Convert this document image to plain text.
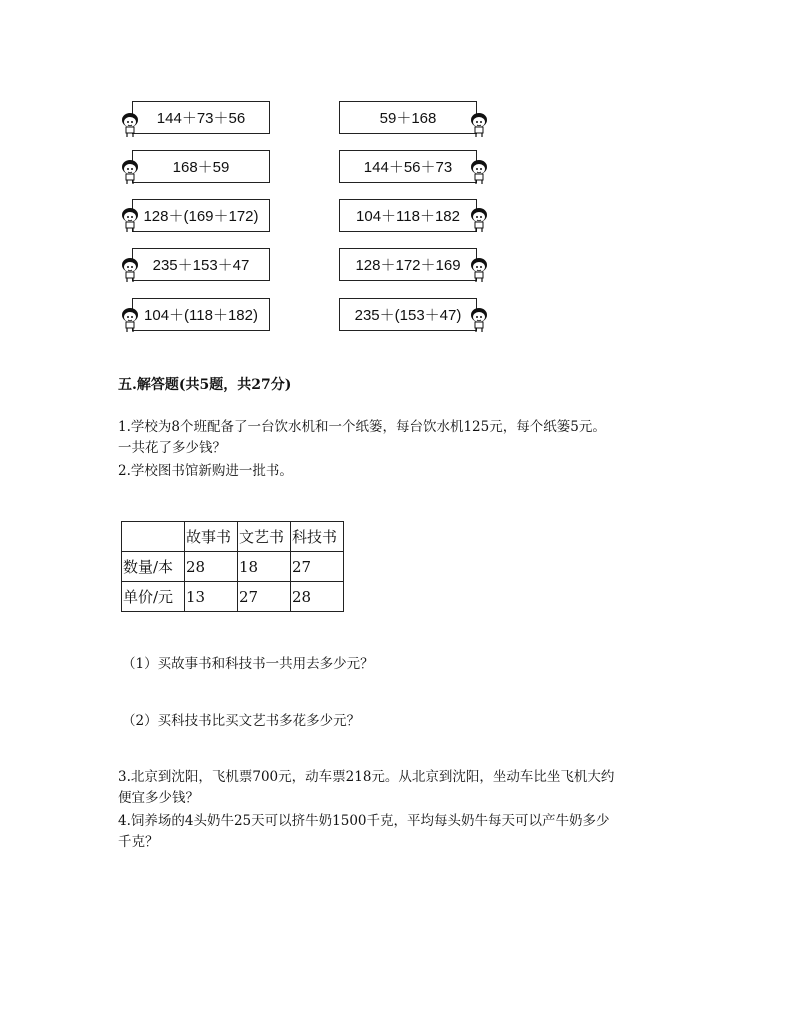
144＋73＋56
168＋59
128＋(169＋172)
235＋153＋47
104＋(118＋182)
59＋168
144＋56＋73
104＋118＋182
128＋172＋169
235＋(153＋47)
五.解答题(共5题，共27分)
1.学校为8个班配备了一台饮水机和一个纸篓，每台饮水机125元，每个纸篓5元。
一共花了多少钱？
2.学校图书馆新购进一批书。
	故事书	文艺书	科技书
数量/本	28	18	27
单价/元	13	27	28
（1）买故事书和科技书一共用去多少元？
（2）买科技书比买文艺书多花多少元？
3.北京到沈阳，飞机票700元，动车票218元。从北京到沈阳，坐动车比坐飞机大约
便宜多少钱？
4.饲养场的4头奶牛25天可以挤牛奶1500千克，平均每头奶牛每天可以产牛奶多少
千克？
